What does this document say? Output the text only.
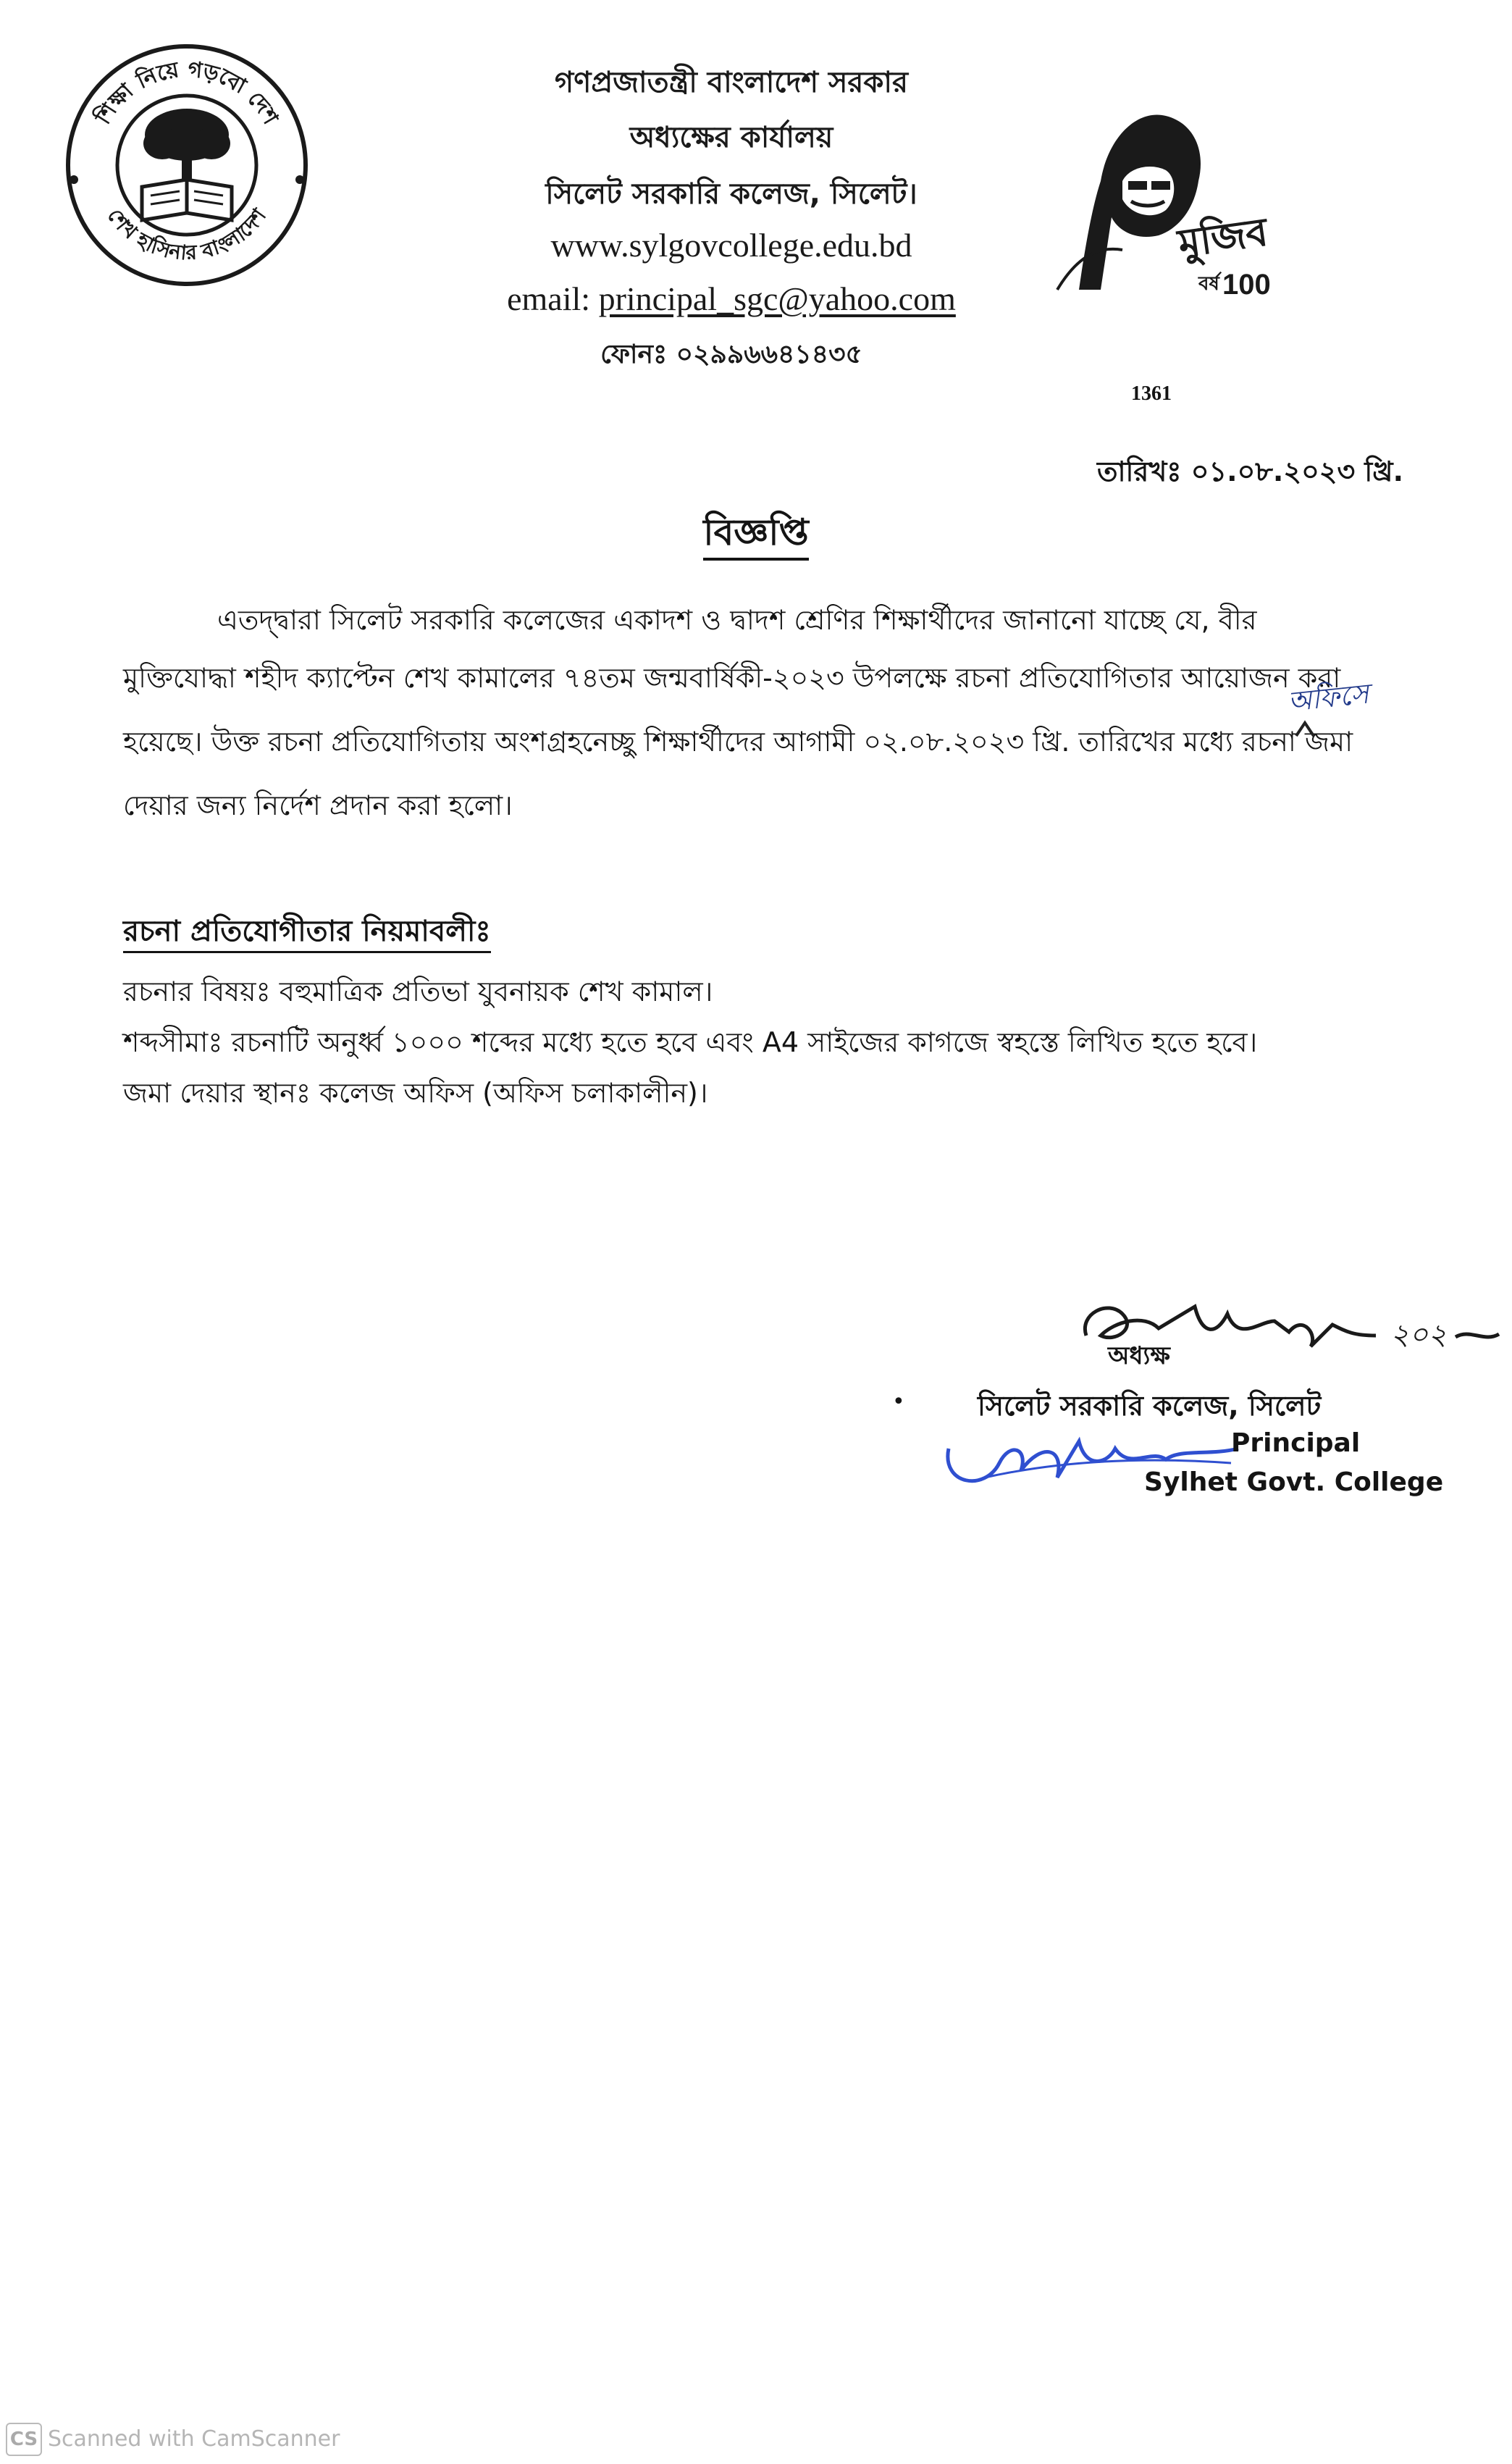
শিক্ষা নিয়ে গড়বো দেশ
শেখ হাসিনার বাংলাদেশ
গণপ্রজাতন্ত্রী বাংলাদেশ সরকার
অধ্যক্ষের কার্যালয়
সিলেট সরকারি কলেজ, সিলেট।
www.sylgovcollege.edu.bd
email: principal_sgc@yahoo.com
ফোনঃ ০২৯৯৬৬৪১৪৩৫
মুজিব
বর্ষ 100
1361
তারিখঃ ০১.০৮.২০২৩ খ্রি.
বিজ্ঞপ্তি
এতদ্দ্বারা সিলেট সরকারি কলেজের একাদশ ও দ্বাদশ শ্রেণির শিক্ষার্থীদের জানানো যাচ্ছে যে, বীর
মুক্তিযোদ্ধা শহীদ ক্যাপ্টেন শেখ কামালের ৭৪তম জন্মবার্ষিকী-২০২৩ উপলক্ষে রচনা প্রতিযোগিতার আয়োজন করা
হয়েছে। উক্ত রচনা প্রতিযোগিতায় অংশগ্রহনেচ্ছু শিক্ষার্থীদের আগামী ০২.০৮.২০২৩ খ্রি. তারিখের মধ্যে রচনা জমা
দেয়ার জন্য নির্দেশ প্রদান করা হলো।
অফিসে
রচনা প্রতিযোগীতার নিয়মাবলীঃ
রচনার বিষয়ঃ বহুমাত্রিক প্রতিভা যুবনায়ক শেখ কামাল।
শব্দসীমাঃ রচনাটি অনুর্ধ্ব ১০০০ শব্দের মধ্যে হতে হবে এবং A4 সাইজের কাগজে স্বহস্তে লিখিত হতে হবে।
জমা দেয়ার স্থানঃ কলেজ অফিস (অফিস চলাকালীন)।
২০২
অধ্যক্ষ
•	সিলেট সরকারি কলেজ, সিলেট
Principal
Sylhet Govt. College
CS Scanned with CamScanner
